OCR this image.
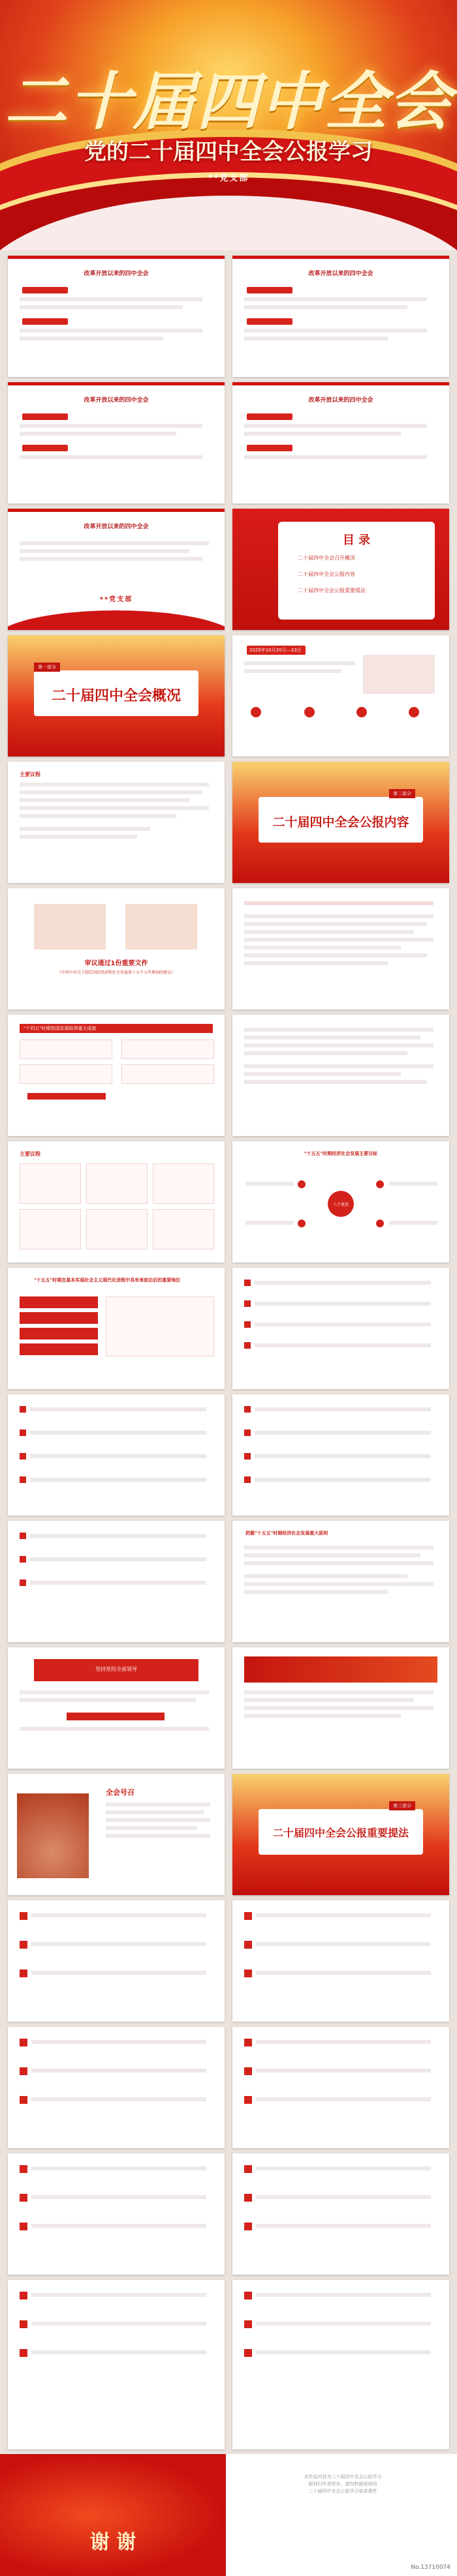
二十届四中全会
党的二十届四中全会公报学习
**党支部
改革开放以来的四中全会	改革开放以来的四中全会
改革开放以来的四中全会	改革开放以来的四中全会
改革开放以来的四中全会
**党支部
目 录
二十届四中全会召开概况
二十届四中全会公报内容
二十届四中全会公报重要提法
第一部分
二十届四中全会概况
2025年10月20日—23日
主要议程
第二部分
二十届四中全会公报内容
审议通过1份重要文件
《中共中央关于制定国民经济和社会发展第十五个五年规划的建议》
"十四五"时期我国发展取得重大成就
主要议程	"十五五"时期经济社会发展主要目标
八个更加
"十五五"时期在基本实现社会主义现代化进程中具有承前启后的重要地位
把握"十五五"时期经济社会发展重大原则
坚持党的全面领导
全会号召
第三部分
二十届四中全会公报重要提法
谢 谢
本作品内容为二十届四中全会公报学习
版权归作者所有，请勿转载或商用
二十届四中全会公报学习宣讲课件
No.13710074
